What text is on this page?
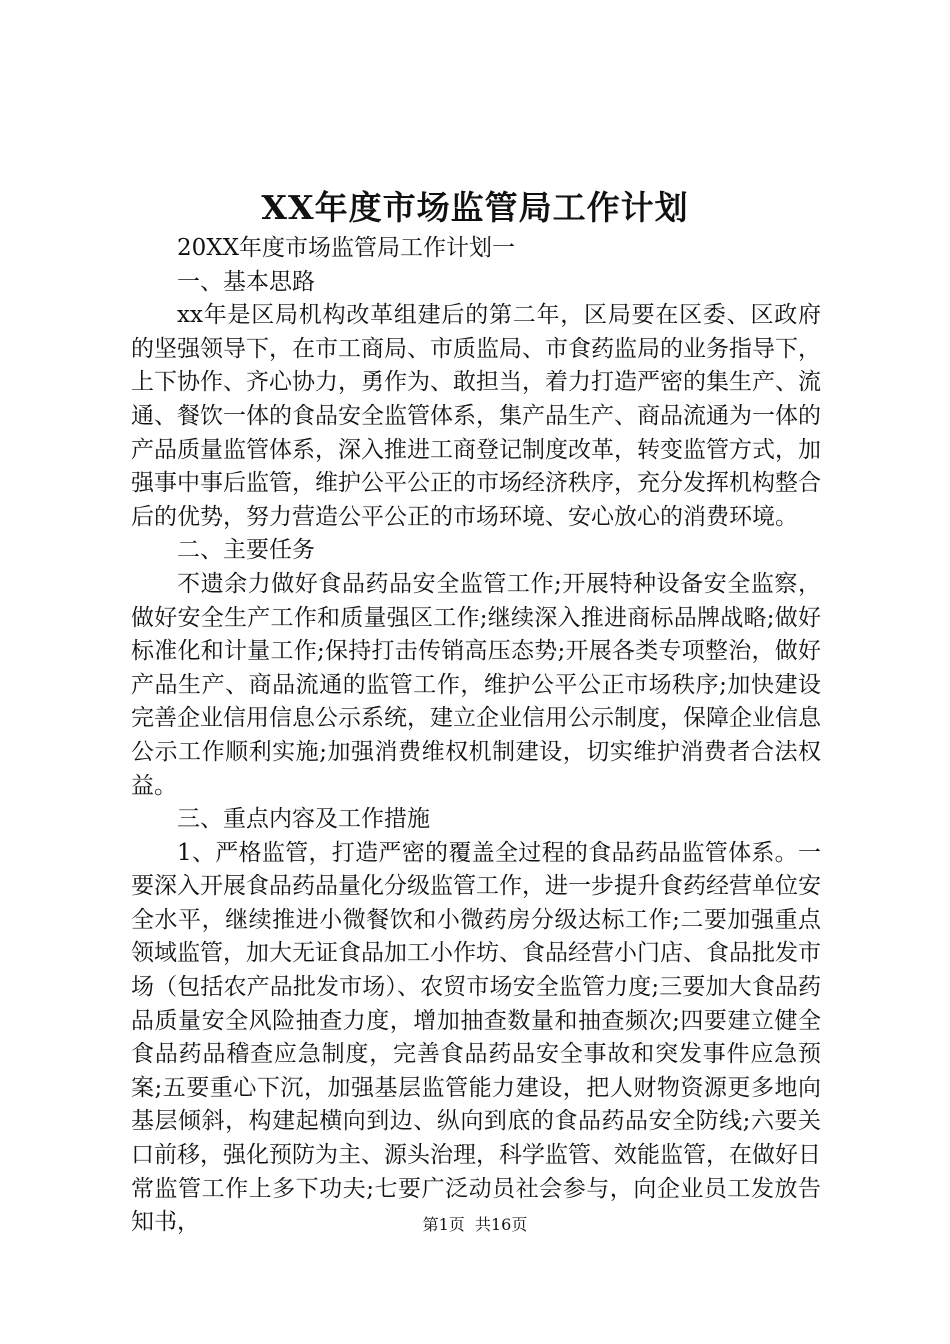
XX年度市场监管局工作计划

20XX年度市场监管局工作计划一

一、基本思路

xx年是区局机构改革组建后的第二年，区局要在区委、区政府的坚强领导下，在市工商局、市质监局、市食药监局的业务指导下，上下协作、齐心协力，勇作为、敢担当，着力打造严密的集生产、流通、餐饮一体的食品安全监管体系，集产品生产、商品流通为一体的产品质量监管体系，深入推进工商登记制度改革，转变监管方式，加强事中事后监管，维护公平公正的市场经济秩序，充分发挥机构整合后的优势，努力营造公平公正的市场环境、安心放心的消费环境。

二、主要任务

不遗余力做好食品药品安全监管工作;开展特种设备安全监察，做好安全生产工作和质量强区工作;继续深入推进商标品牌战略;做好标准化和计量工作;保持打击传销高压态势;开展各类专项整治，做好产品生产、商品流通的监管工作，维护公平公正市场秩序;加快建设完善企业信用信息公示系统，建立企业信用公示制度，保障企业信息公示工作顺利实施;加强消费维权机制建设，切实维护消费者合法权益。

三、重点内容及工作措施

1、严格监管，打造严密的覆盖全过程的食品药品监管体系。一要深入开展食品药品量化分级监管工作，进一步提升食药经营单位安全水平，继续推进小微餐饮和小微药房分级达标工作;二要加强重点领域监管，加大无证食品加工小作坊、食品经营小门店、食品批发市场（包括农产品批发市场）、农贸市场安全监管力度;三要加大食品药品质量安全风险抽查力度，增加抽查数量和抽查频次;四要建立健全食品药品稽查应急制度，完善食品药品安全事故和突发事件应急预案;五要重心下沉，加强基层监管能力建设，把人财物资源更多地向基层倾斜，构建起横向到边、纵向到底的食品药品安全防线;六要关口前移，强化预防为主、源头治理，科学监管、效能监管，在做好日常监管工作上多下功夫;七要广泛动员社会参与，向企业员工发放告知书，	第1页 共16页
